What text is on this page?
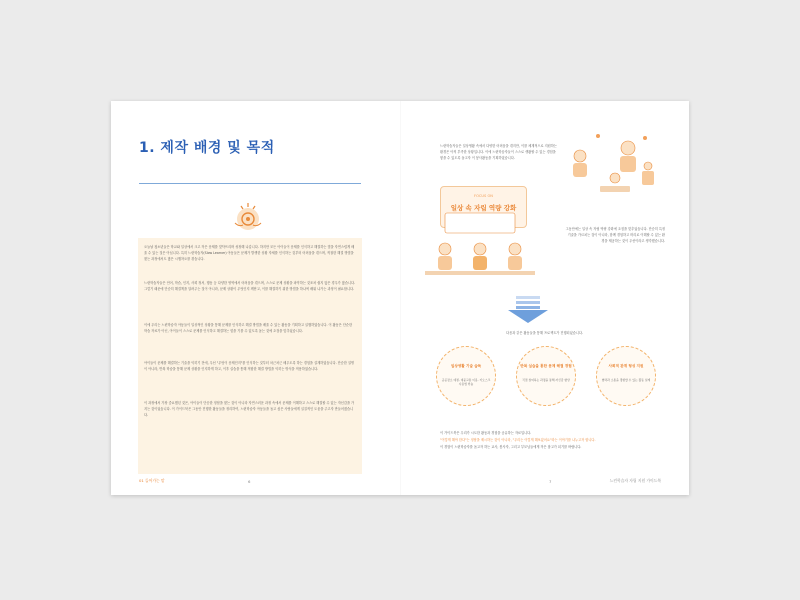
1. 제작 배경 및 목적
오늘날 청소년들은 학교와 일상에서 크고 작은 문제를 맞닥뜨리며 성장해 나갑니다. 하지만 모든 아이들이 문제를 인식하고 해결하는 법을 자연스럽게 배울 수 있는 것은 아닙니다. 특히 느린학습자(Slow Learner) 아동들은 문제가 발생한 상황 자체를 인식하는 것부터 어려움을 겪으며, 적절한 해결 방법을 찾는 과정에서도 많은 시행착오를 겪습니다.
느린학습자들은 언어, 학습, 인지, 사회 정서, 행동 등 다양한 영역에서 어려움을 겪으며, 스스로 문제 상황을 파악하는 것조차 쉽지 않은 경우가 많습니다. 그렇기 때문에 단순히 해결책을 알려주는 것이 아니라, 문제 상황이 무엇인지 깨닫고, 이를 해결하기 위한 방법을 하나씩 배워 나가는 과정이 필요합니다.
이에 우리는 느린학습자 아동들이 일상적인 상황을 통해 문제를 인식하고 해결 방법을 배울 수 있는 활동을 기획하고 실행하였습니다. 이 활동은 단순한 학습 자료가 아닌, 아이들이 스스로 문제를 인식하고 해결하는 힘을 기를 수 있도록 돕는 것에 초점을 맞추었습니다.
아이들이 문제를 해결하는 기술을 익히기 전에, 우선 "무엇이 문제인지"를 인식하는 것부터 차근차근 배우도록 하는 경험을 설계하였습니다. 단순한 설명이 아니라, 반복 학습을 통해 문제 상황을 인지하게 하고, 이후 실습을 통해 적합한 해결 방법을 익히는 방식을 적용하였습니다.
이 과정에서 가장 중요했던 것은, 아이들이 단순한 정답을 찾는 것이 아니라 자연스러운 과정 속에서 문제를 이해하고 스스로 해결할 수 있는 자신감을 가지는 것이었습니다. 이 가이드북은 그동안 진행한 활동들을 정리하여, 느린학습자 아동들을 돕고 싶은 사람들에게 실질적인 도움을 주고자 만들어졌습니다.
01 들어가는 말	6
느린학습자들은 일상생활 속에서 다양한 어려움을 겪지만, 이를 체계적으로 지원하는 환경은 아직 부족한 상황입니다. 이에 느린학습자들이 스스로 생활할 수 있는 경험을 쌓을 수 있도록 돕고자 이 봉사활동을 기획하였습니다.
FOCUS ON
일상 속 자립 역량 강화
그동안에는 일상 속 자립 역량 강화에 초점을 맞추었습니다. 단순히 특정 기술을 가르치는 것이 아니라, 함께 경험하고 머리로 이해할 수 있는 환경을 제공하는 것이 우선이라고 생각했습니다.
다음과 같은 활동들을 통해 프로젝트가 진행되었습니다.
일상생활 기술 습득
공공장소 예절, 대중교통 이용, 키오스크 사용법 학습
반복 실습을 통한 문제 해결 경험
직접 참여하는 과정을 통해 자신감 향상
사회적 관계 형성 지원
협력과 소통을 경험할 수 있는 활동 설계
이 가이드북은 우리가 시도한 활동과 경험을 공유하는 자료입니다.
"이렇게 해야 한다"는 정답을 제시하는 것이 아니라, "우리는 이렇게 해보았어요"라는 이야기를 나누고자 합니다.
이 경험이 느린학습자를 돕고자 하는 교사, 봉사자, 그리고 부모님들에게 작은 참고가 되기를 바랍니다.
7	느린학습자 자립 지원 가이드북
